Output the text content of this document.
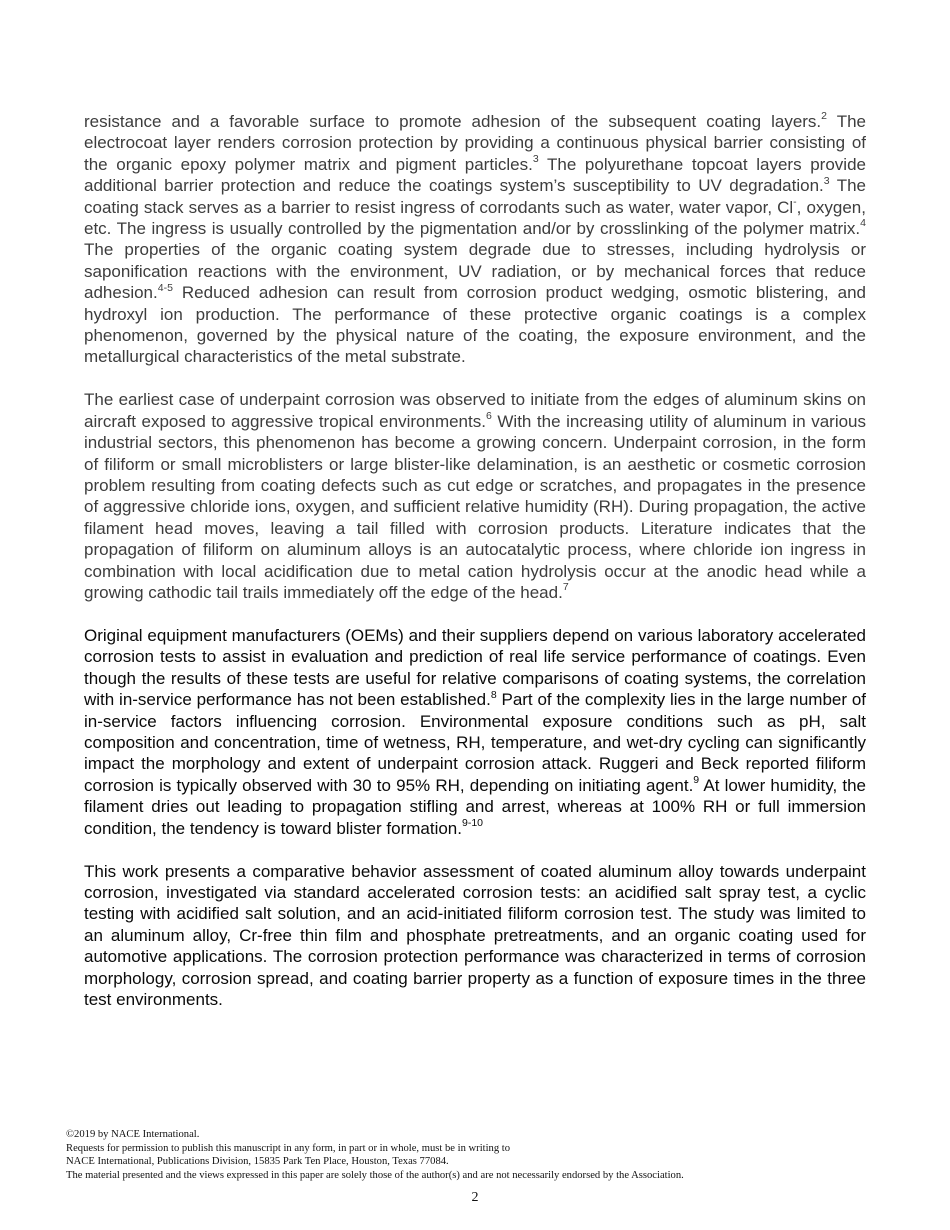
resistance and a favorable surface to promote adhesion of the subsequent coating layers.$^2$ The electrocoat layer renders corrosion protection by providing a continuous physical barrier consisting of the organic epoxy polymer matrix and pigment particles.$^3$ The polyurethane topcoat layers provide additional barrier protection and reduce the coatings system’s susceptibility to UV degradation.$^3$ The coating stack serves as a barrier to resist ingress of corrodants such as water, water vapor, Cl-, oxygen, etc. The ingress is usually controlled by the pigmentation and/or by crosslinking of the polymer matrix.$^4$ The properties of the organic coating system degrade due to stresses, including hydrolysis or saponification reactions with the environment, UV radiation, or by mechanical forces that reduce adhesion.$^{4-5}$ Reduced adhesion can result from corrosion product wedging, osmotic blistering, and hydroxyl ion production. The performance of these protective organic coatings is a complex phenomenon, governed by the physical nature of the coating, the exposure environment, and the metallurgical characteristics of the metal substrate.

The earliest case of underpaint corrosion was observed to initiate from the edges of aluminum skins on aircraft exposed to aggressive tropical environments.$^6$ With the increasing utility of aluminum in various industrial sectors, this phenomenon has become a growing concern. Underpaint corrosion, in the form of filiform or small microblisters or large blister-like delamination, is an aesthetic or cosmetic corrosion problem resulting from coating defects such as cut edge or scratches, and propagates in the presence of aggressive chloride ions, oxygen, and sufficient relative humidity (RH). During propagation, the active filament head moves, leaving a tail filled with corrosion products. Literature indicates that the propagation of filiform on aluminum alloys is an autocatalytic process, where chloride ion ingress in combination with local acidification due to metal cation hydrolysis occur at the anodic head while a growing cathodic tail trails immediately off the edge of the head.$^7$

Original equipment manufacturers (OEMs) and their suppliers depend on various laboratory accelerated corrosion tests to assist in evaluation and prediction of real life service performance of coatings. Even though the results of these tests are useful for relative comparisons of coating systems, the correlation with in-service performance has not been established.$^8$ Part of the complexity lies in the large number of in-service factors influencing corrosion. Environmental exposure conditions such as pH, salt composition and concentration, time of wetness, RH, temperature, and wet-dry cycling can significantly impact the morphology and extent of underpaint corrosion attack. Ruggeri and Beck reported filiform corrosion is typically observed with 30 to 95% RH, depending on initiating agent.$^9$ At lower humidity, the filament dries out leading to propagation stifling and arrest, whereas at 100% RH or full immersion condition, the tendency is toward blister formation.$^{9-10}$

This work presents a comparative behavior assessment of coated aluminum alloy towards underpaint corrosion, investigated via standard accelerated corrosion tests: an acidified salt spray test, a cyclic testing with acidified salt solution, and an acid-initiated filiform corrosion test. The study was limited to an aluminum alloy, Cr-free thin film and phosphate pretreatments, and an organic coating used for automotive applications. The corrosion protection performance was characterized in terms of corrosion morphology, corrosion spread, and coating barrier property as a function of exposure times in the three test environments.

©2019 by NACE International.
Requests for permission to publish this manuscript in any form, in part or in whole, must be in writing to
NACE International, Publications Division, 15835 Park Ten Place, Houston, Texas 77084.
The material presented and the views expressed in this paper are solely those of the author(s) and are not necessarily endorsed by the Association.
2
